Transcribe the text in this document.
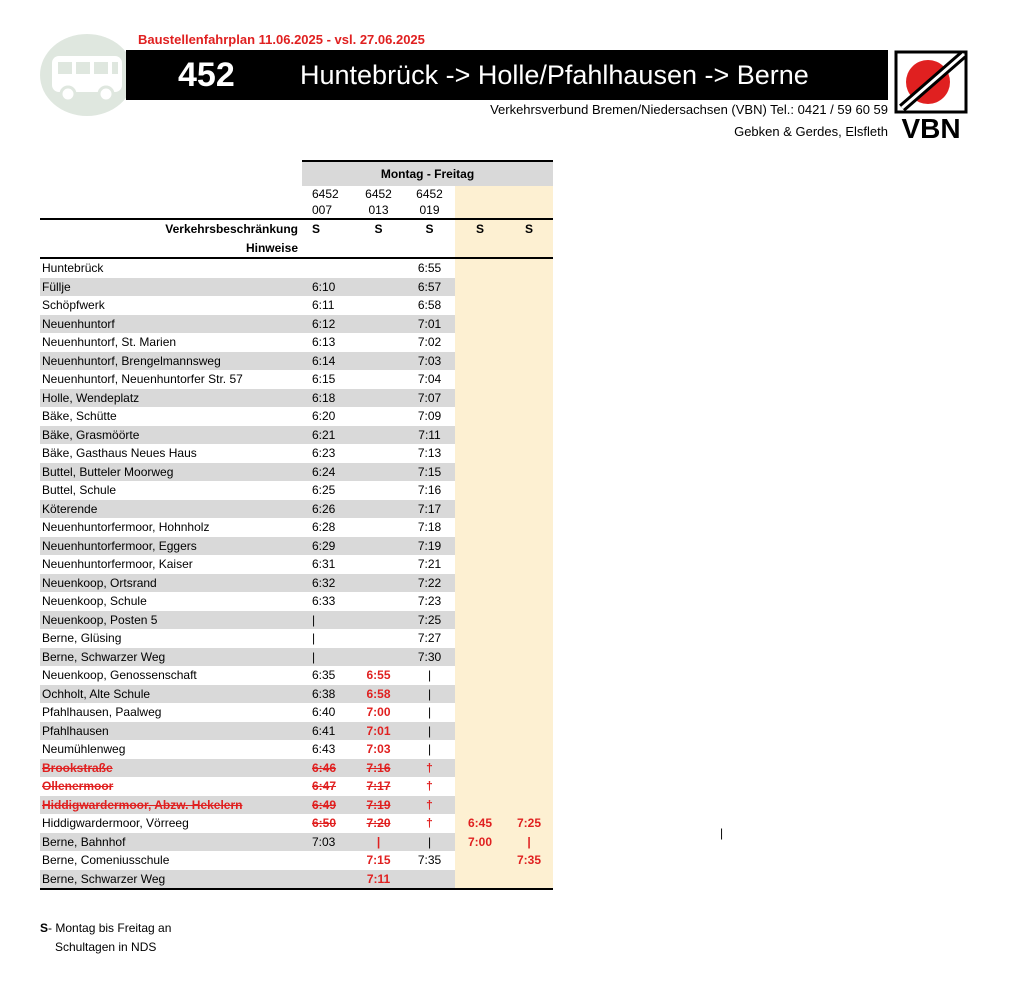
Baustellenfahrplan 11.06.2025 - vsl. 27.06.2025
452 Huntebrück -> Holle/Pfahlhausen -> Berne
Verkehrsverbund Bremen/Niedersachsen (VBN) Tel.: 0421 / 59 60 59
Gebken & Gerdes, Elsfleth VBN
	Montag - Freitag				
	6452
007	6452
013	6452
019		
Verkehrsbeschränkung	S	S	S	S	S
Hinweise					
Huntebrück			6:55		
Füllje	6:10		6:57		
Schöpfwerk	6:11		6:58		
Neuenhuntorf	6:12		7:01		
Neuenhuntorf, St. Marien	6:13		7:02		
Neuenhuntorf, Brengelmannsweg	6:14		7:03		
Neuenhuntorf, Neuenhuntorfer Str. 57	6:15		7:04		
Holle, Wendeplatz	6:18		7:07		
Bäke, Schütte	6:20		7:09		
Bäke, Grasmöörte	6:21		7:11		
Bäke, Gasthaus Neues Haus	6:23		7:13		
Buttel, Butteler Moorweg	6:24		7:15		
Buttel, Schule	6:25		7:16		
Köterende	6:26		7:17		
Neuenhuntorfermoor, Hohnholz	6:28		7:18		
Neuenhuntorfermoor, Eggers	6:29		7:19		
Neuenhuntorfermoor, Kaiser	6:31		7:21		
Neuenkoop, Ortsrand	6:32		7:22		
Neuenkoop, Schule	6:33		7:23		
Neuenkoop, Posten 5	|		7:25		
Berne, Glüsing	|		7:27		
Berne, Schwarzer Weg	|		7:30		
Neuenkoop, Genossenschaft	6:35	6:55	|		
Ochholt, Alte Schule	6:38	6:58	|		
Pfahlhausen, Paalweg	6:40	7:00	|		
Pfahlhausen	6:41	7:01	|		
Neumühlenweg	6:43	7:03	|		
Brookstraße	6:46	7:16	†		
Ollenermoor	6:47	7:17	†		
Hiddigwardermoor, Abzw. Hekelern	6:49	7:19	†		
Hiddigwardermoor, Vörreeg	6:50	7:20	†	6:45	7:25
Berne, Bahnhof	7:03	|	|	7:00	|
Berne, Comeniusschule		7:15	7:35		7:35
Berne, Schwarzer Weg		7:11			
|
S- Montag bis Freitag an
Schultagen in NDS
